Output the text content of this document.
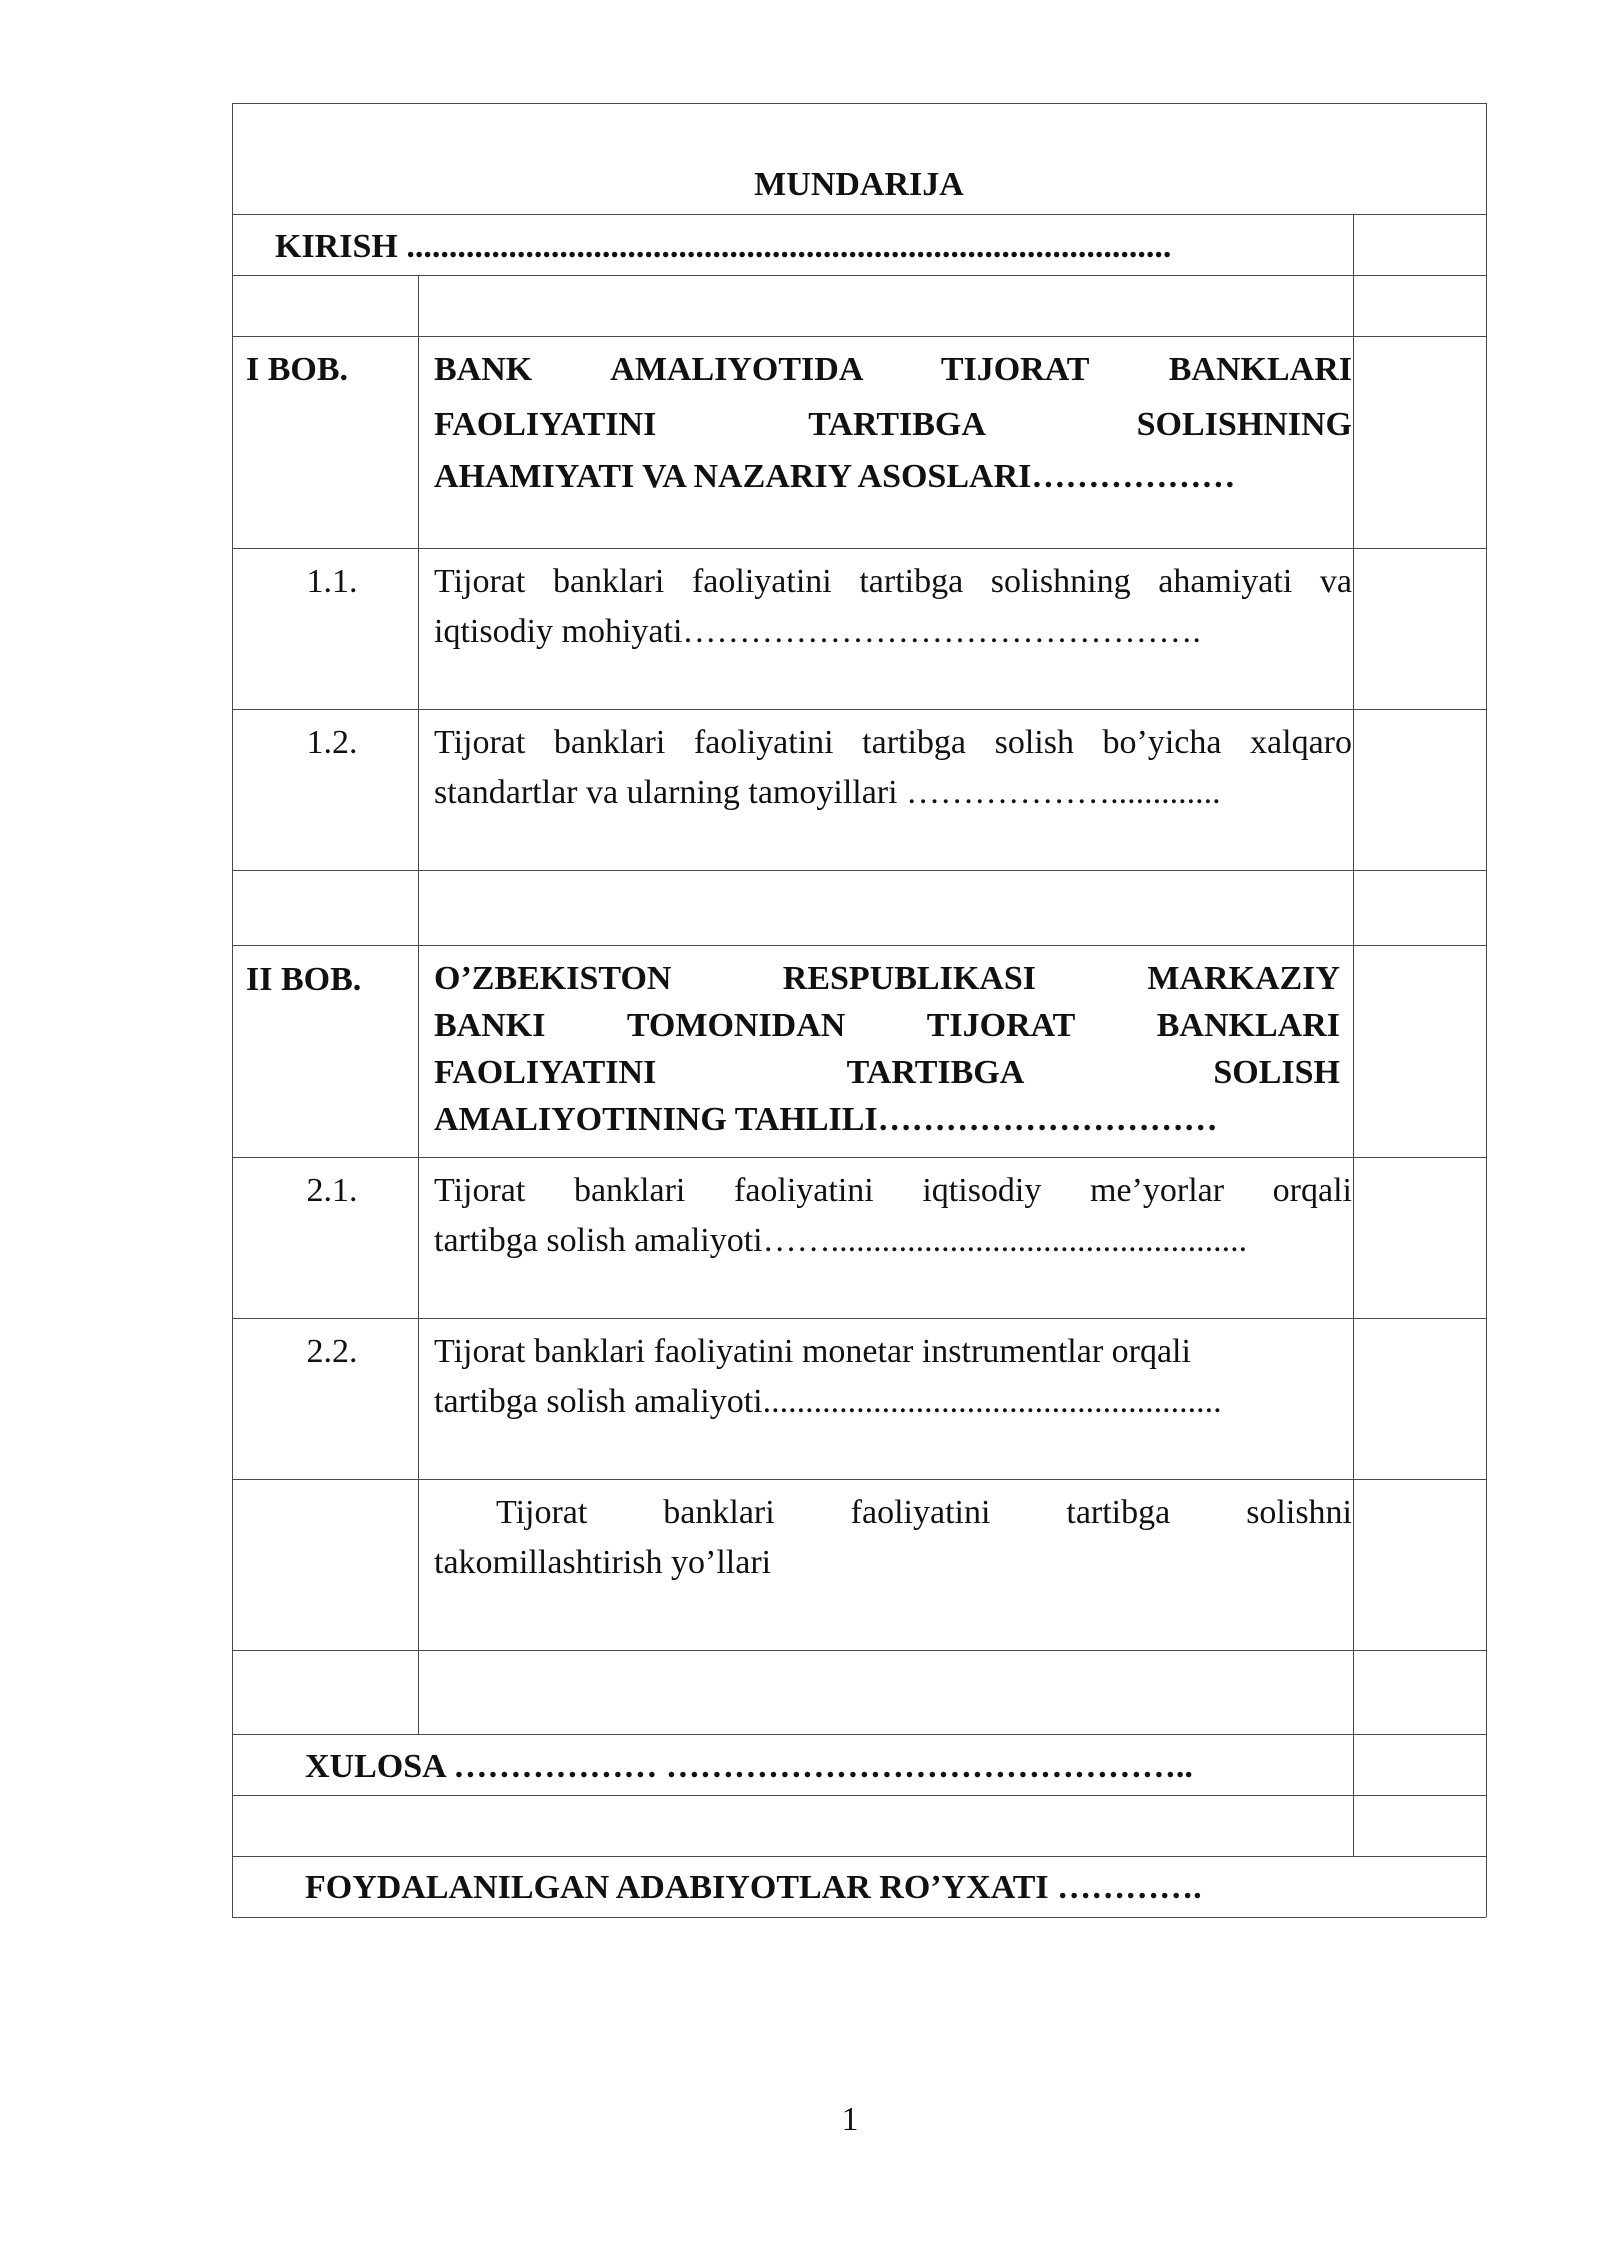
MUNDARIJA
KIRISH ..........................................................................................
I BOB.	BANK AMALIYOTIDA TIJORAT BANKLARI
FAOLIYATINI TARTIBGA SOLISHNING
AHAMIYATI VA NAZARIY ASOSLARI………………
1.1.	Tijorat banklari faoliyatini tartibga solishning ahamiyati va
iqtisodiy mohiyati……………………………………….
1.2.	Tijorat banklari faoliyatini tartibga solish bo’yicha xalqaro
standartlar va ularning tamoyillari ……………….............
II BOB. O’ZBEKISTON RESPUBLIKASI MARKAZIY
BANKI TOMONIDAN TIJORAT BANKLARI
FAOLIYATINI TARTIBGA SOLISH
AMALIYOTINING TAHLILI…………………………
2.1.	Tijorat banklari faoliyatini iqtisodiy me’yorlar orqali
tartibga solish amaliyoti…….................................................
2.2.	Tijorat banklari faoliyatini monetar instrumentlar orqali
tartibga solish amaliyoti......................................................
Tijorat banklari faoliyatini tartibga solishni
takomillashtirish yo’llari
XULOSA ……………… ………………………………………..
FOYDALANILGAN ADABIYOTLAR RO’YXATI ………….
1
